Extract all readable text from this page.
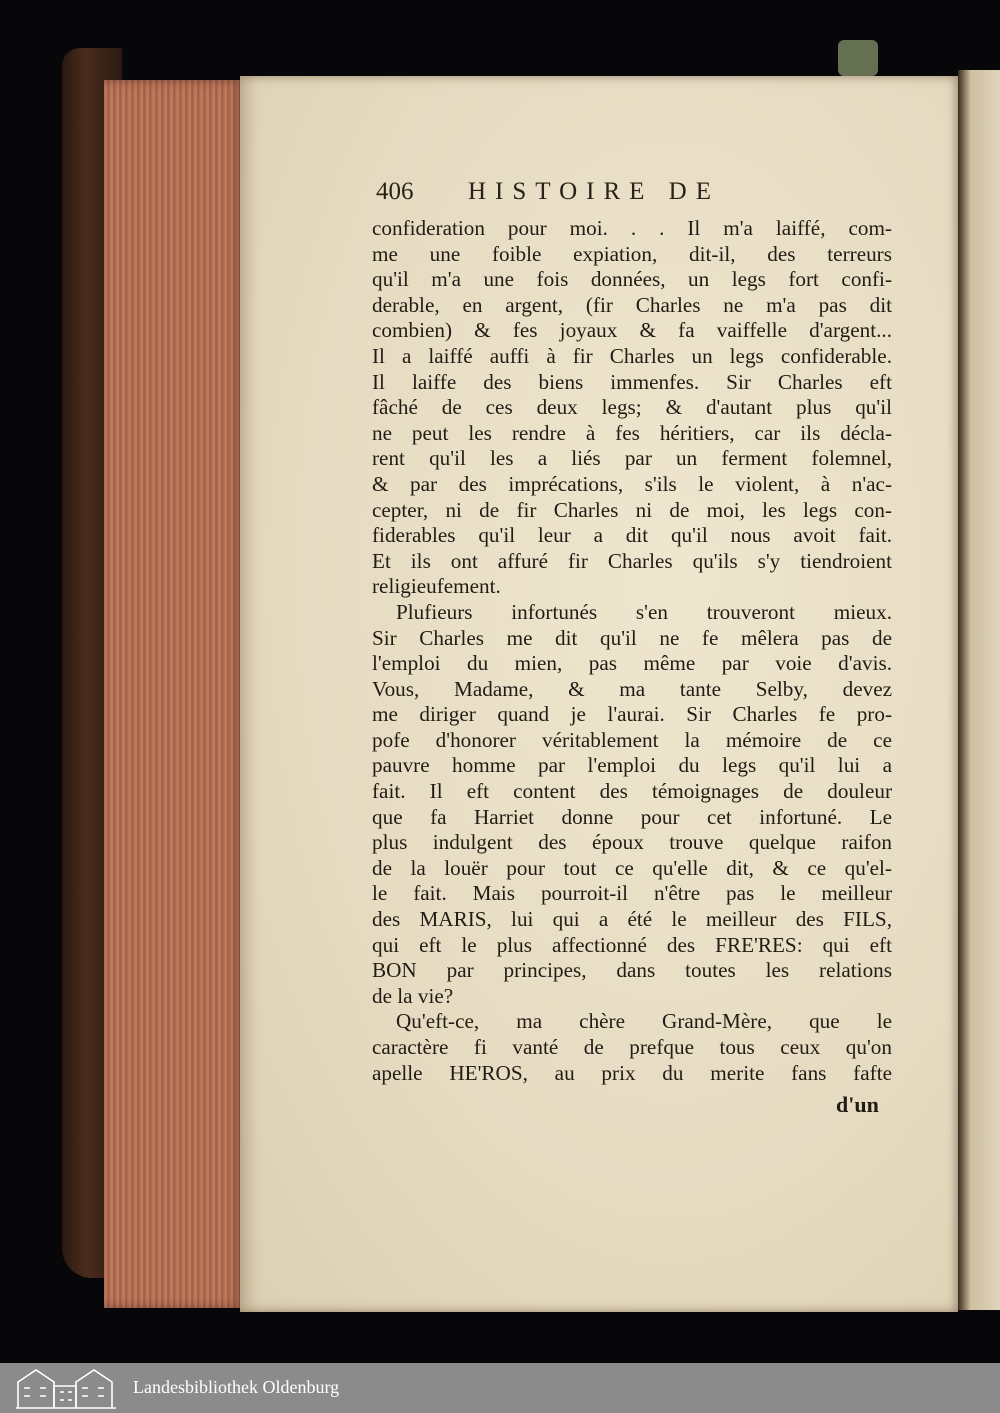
406 HISTOIRE DE
confideration pour moi. . . Il m'a laiffé, com-
me une foible expiation, dit-il, des terreurs
qu'il m'a une fois données, un legs fort confi-
derable, en argent, (fir Charles ne m'a pas dit
combien) & fes joyaux & fa vaiffelle d'argent...
Il a laiffé auffi à fir Charles un legs confiderable.
Il laiffe des biens immenfes. Sir Charles eft
fâché de ces deux legs; & d'autant plus qu'il
ne peut les rendre à fes héritiers, car ils décla-
rent qu'il les a liés par un ferment folemnel,
& par des imprécations, s'ils le violent, à n'ac-
cepter, ni de fir Charles ni de moi, les legs con-
fiderables qu'il leur a dit qu'il nous avoit fait.
Et ils ont affuré fir Charles qu'ils s'y tiendroient
religieufement.
Plufieurs infortunés s'en trouveront mieux.
Sir Charles me dit qu'il ne fe mêlera pas de
l'emploi du mien, pas même par voie d'avis.
Vous, Madame, & ma tante Selby, devez
me diriger quand je l'aurai. Sir Charles fe pro-
pofe d'honorer véritablement la mémoire de ce
pauvre homme par l'emploi du legs qu'il lui a
fait. Il eft content des témoignages de douleur
que fa Harriet donne pour cet infortuné. Le
plus indulgent des époux trouve quelque raifon
de la louër pour tout ce qu'elle dit, & ce qu'el-
le fait. Mais pourroit-il n'être pas le meilleur
des MARIS, lui qui a été le meilleur des FILS,
qui eft le plus affectionné des FRE'RES: qui eft
BON par principes, dans toutes les relations
de la vie?
Qu'eft-ce, ma chère Grand-Mère, que le
caractère fi vanté de prefque tous ceux qu'on
apelle HE'ROS, au prix du merite fans fafte
d'un
Landesbibliothek Oldenburg
